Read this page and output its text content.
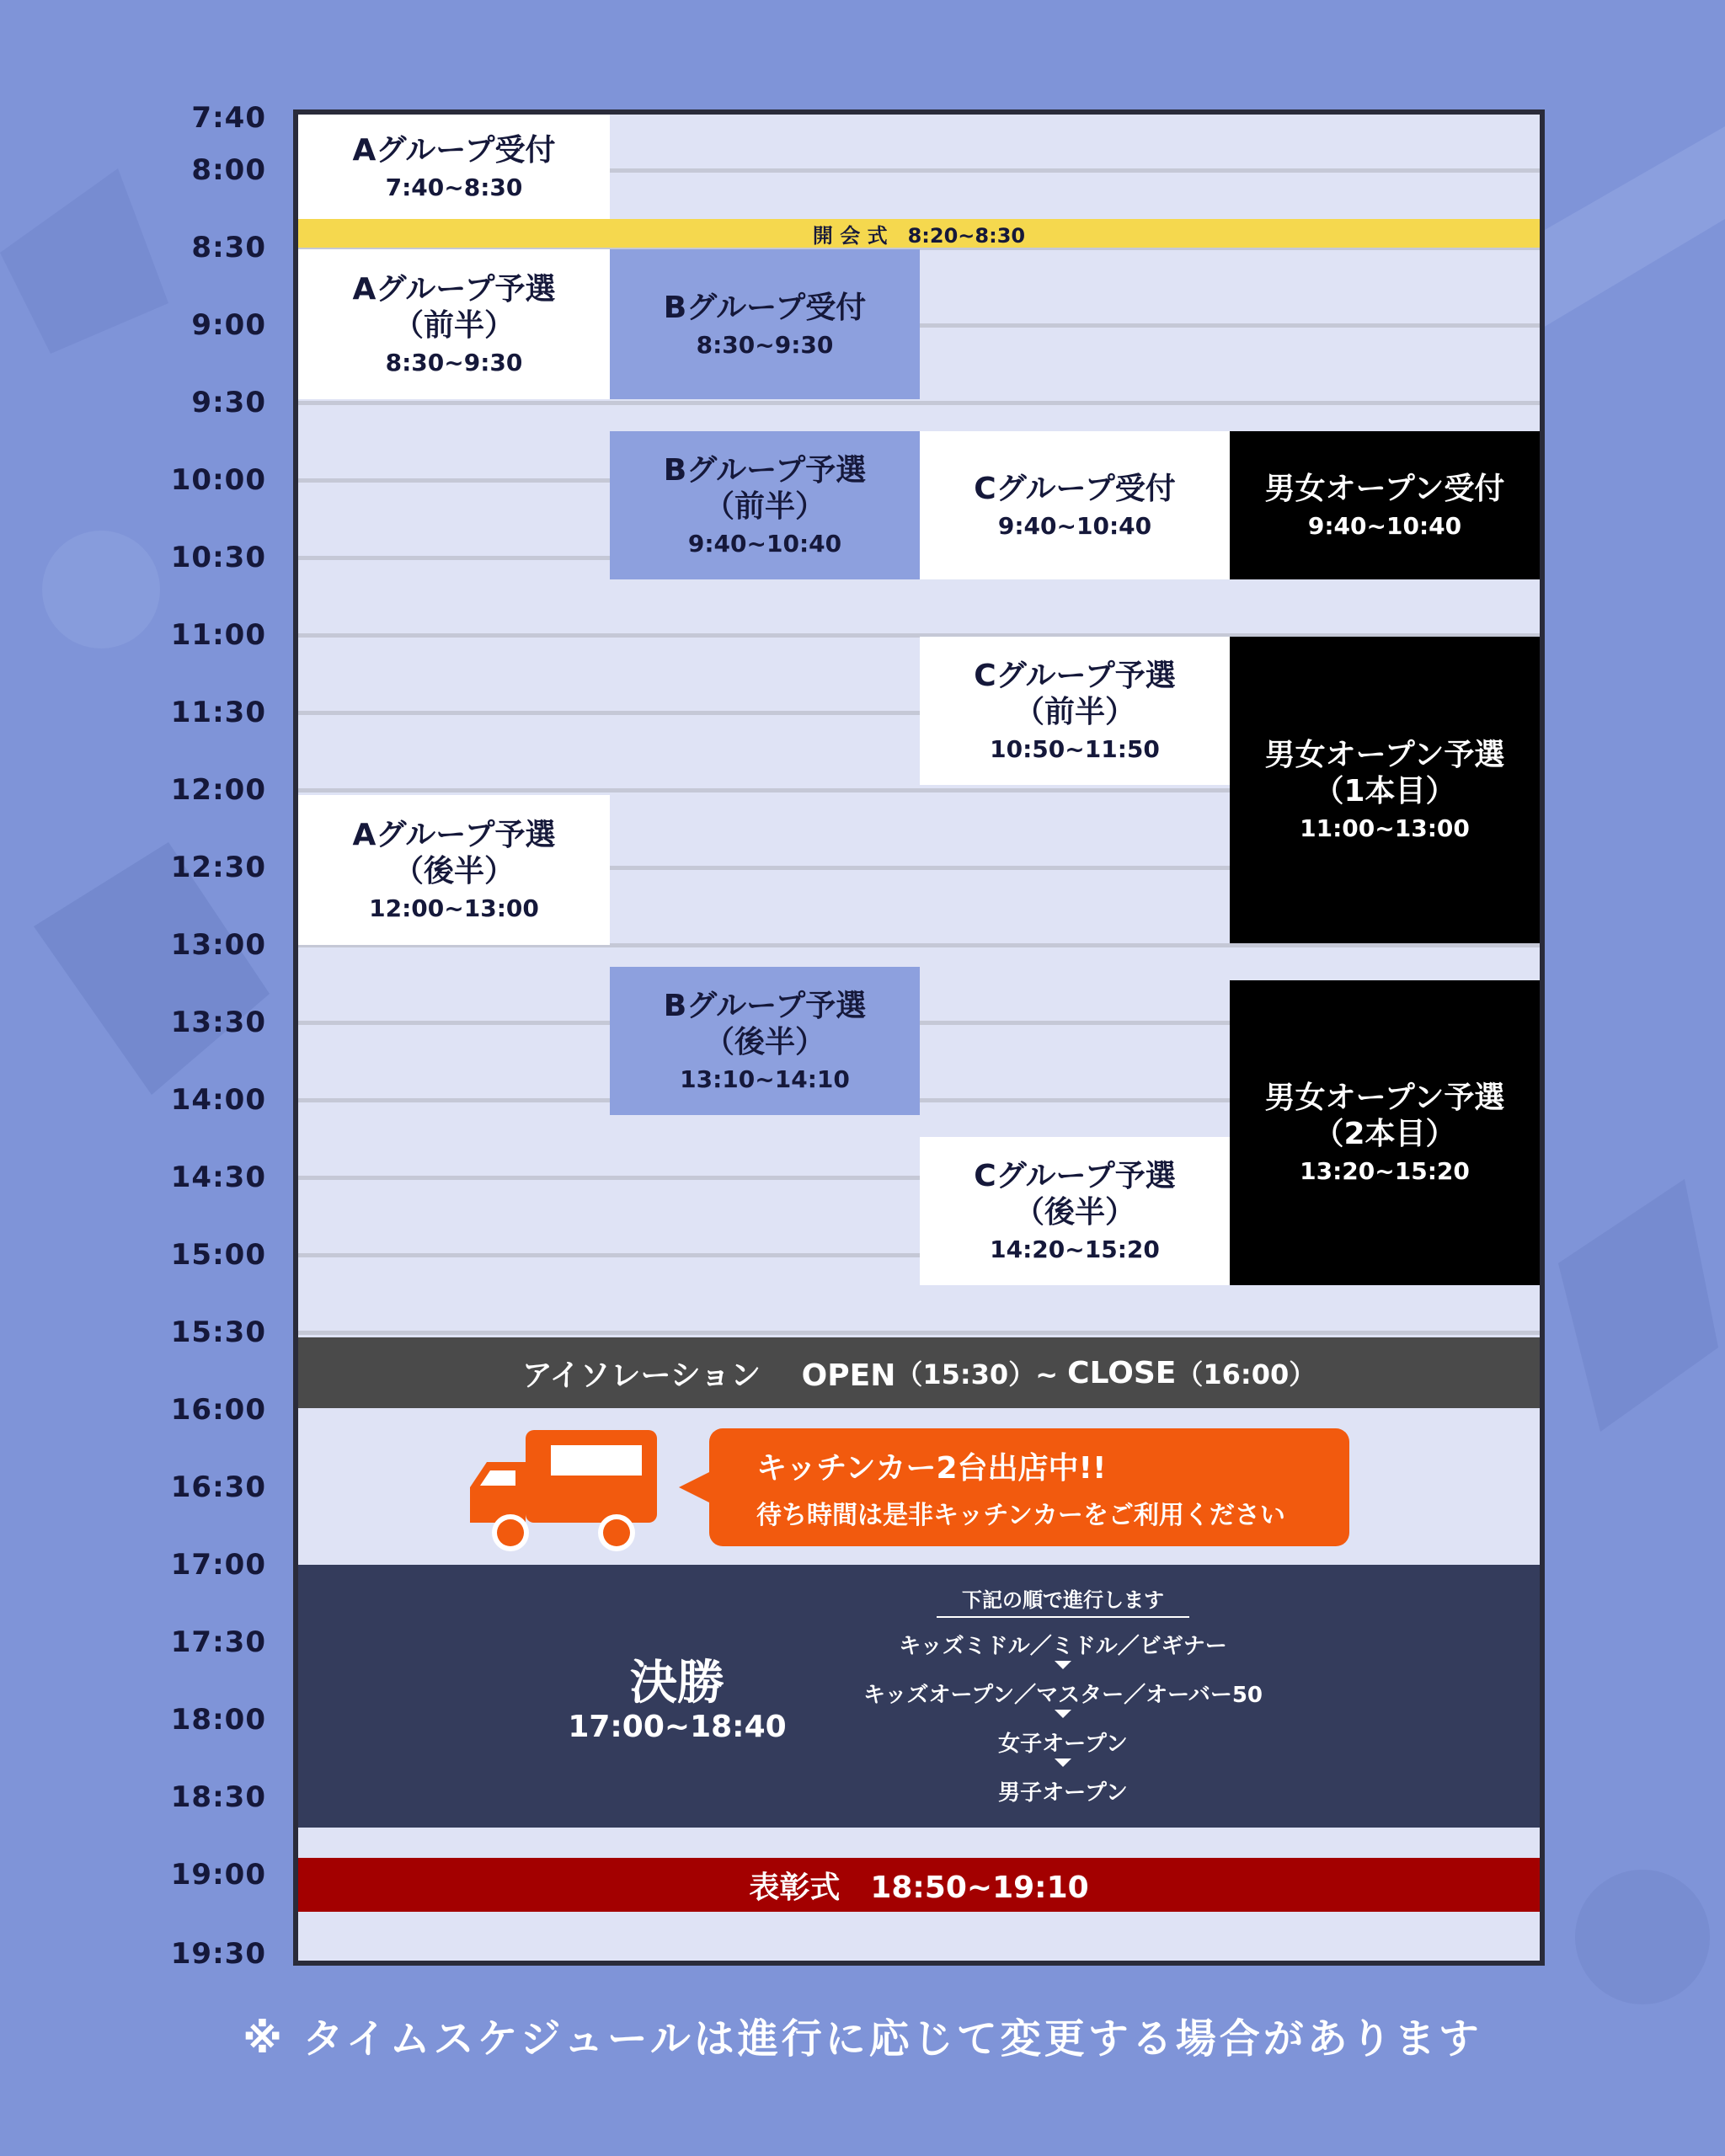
7:40
8:00
8:30
9:00
9:30
10:00
10:30
11:00
11:30
12:00
12:30
13:00
13:30
14:00
14:30
15:00
15:30
16:00
16:30
17:00
17:30
18:00
18:30
19:00
19:30
Aグループ受付
7:40~8:30
開 会 式　8:20~8:30
Aグループ予選
（前半）
8:30~9:30
Aグループ予選
（後半）
12:00~13:00
Bグループ受付
8:30~9:30
Bグループ予選
（前半）
9:40~10:40
Bグループ予選
（後半）
13:10~14:10
Cグループ受付
9:40~10:40
Cグループ予選
（前半）
10:50~11:50
Cグループ予選
（後半）
14:20~15:20
男女オープン受付
9:40~10:40
男女オープン予選
（1本目）
11:00~13:00
男女オープン予選
（2本目）
13:20~15:20
アイソレーション　 OPEN （15:30）~ CLOSE （16:00）
キッチンカー2台出店中!!
待ち時間は是非キッチンカーをご利用ください
決勝
17:00~18:40
下記の順で進行します
キッズミドル／ミドル／ビギナー
キッズオープン／マスター／オーバー50
女子オープン
男子オープン
表彰式　18:50~19:10
※ タイムスケジュールは進行に応じて変更する場合があります
